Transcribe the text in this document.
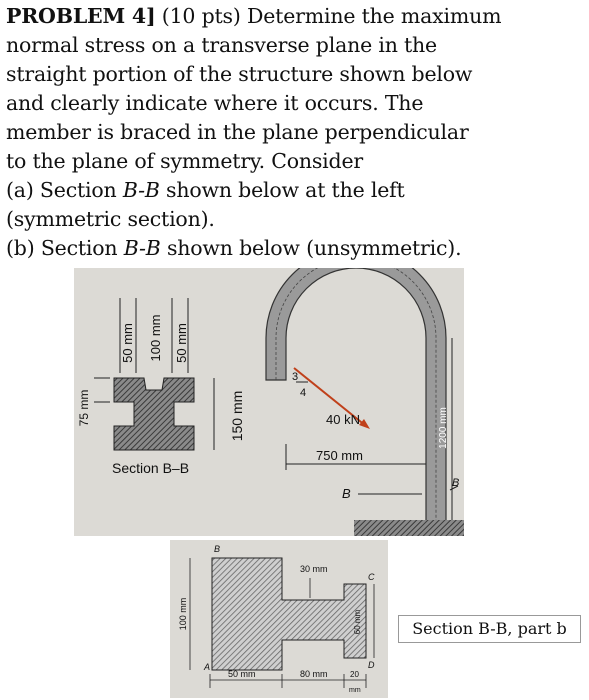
PROBLEM 4] (10 pts) Determine the maximum
normal stress on a transverse plane in the
straight portion of the structure shown below
and clearly indicate where it occurs. The
member is braced in the plane perpendicular
to the plane of symmetry. Consider
(a) Section B-B shown below at the left
(symmetric section).
(b) Section B-B shown below (unsymmetric).
50 mm 100 mm 50 mm
75 mm	150 mm
Section B–B
3
4
40 kN
750 mm
1200 mm
B
B
B
C
A	D
30 mm
100 mm	60 mm
50 mm	80 mm	20
mm
Section B-B, part b
